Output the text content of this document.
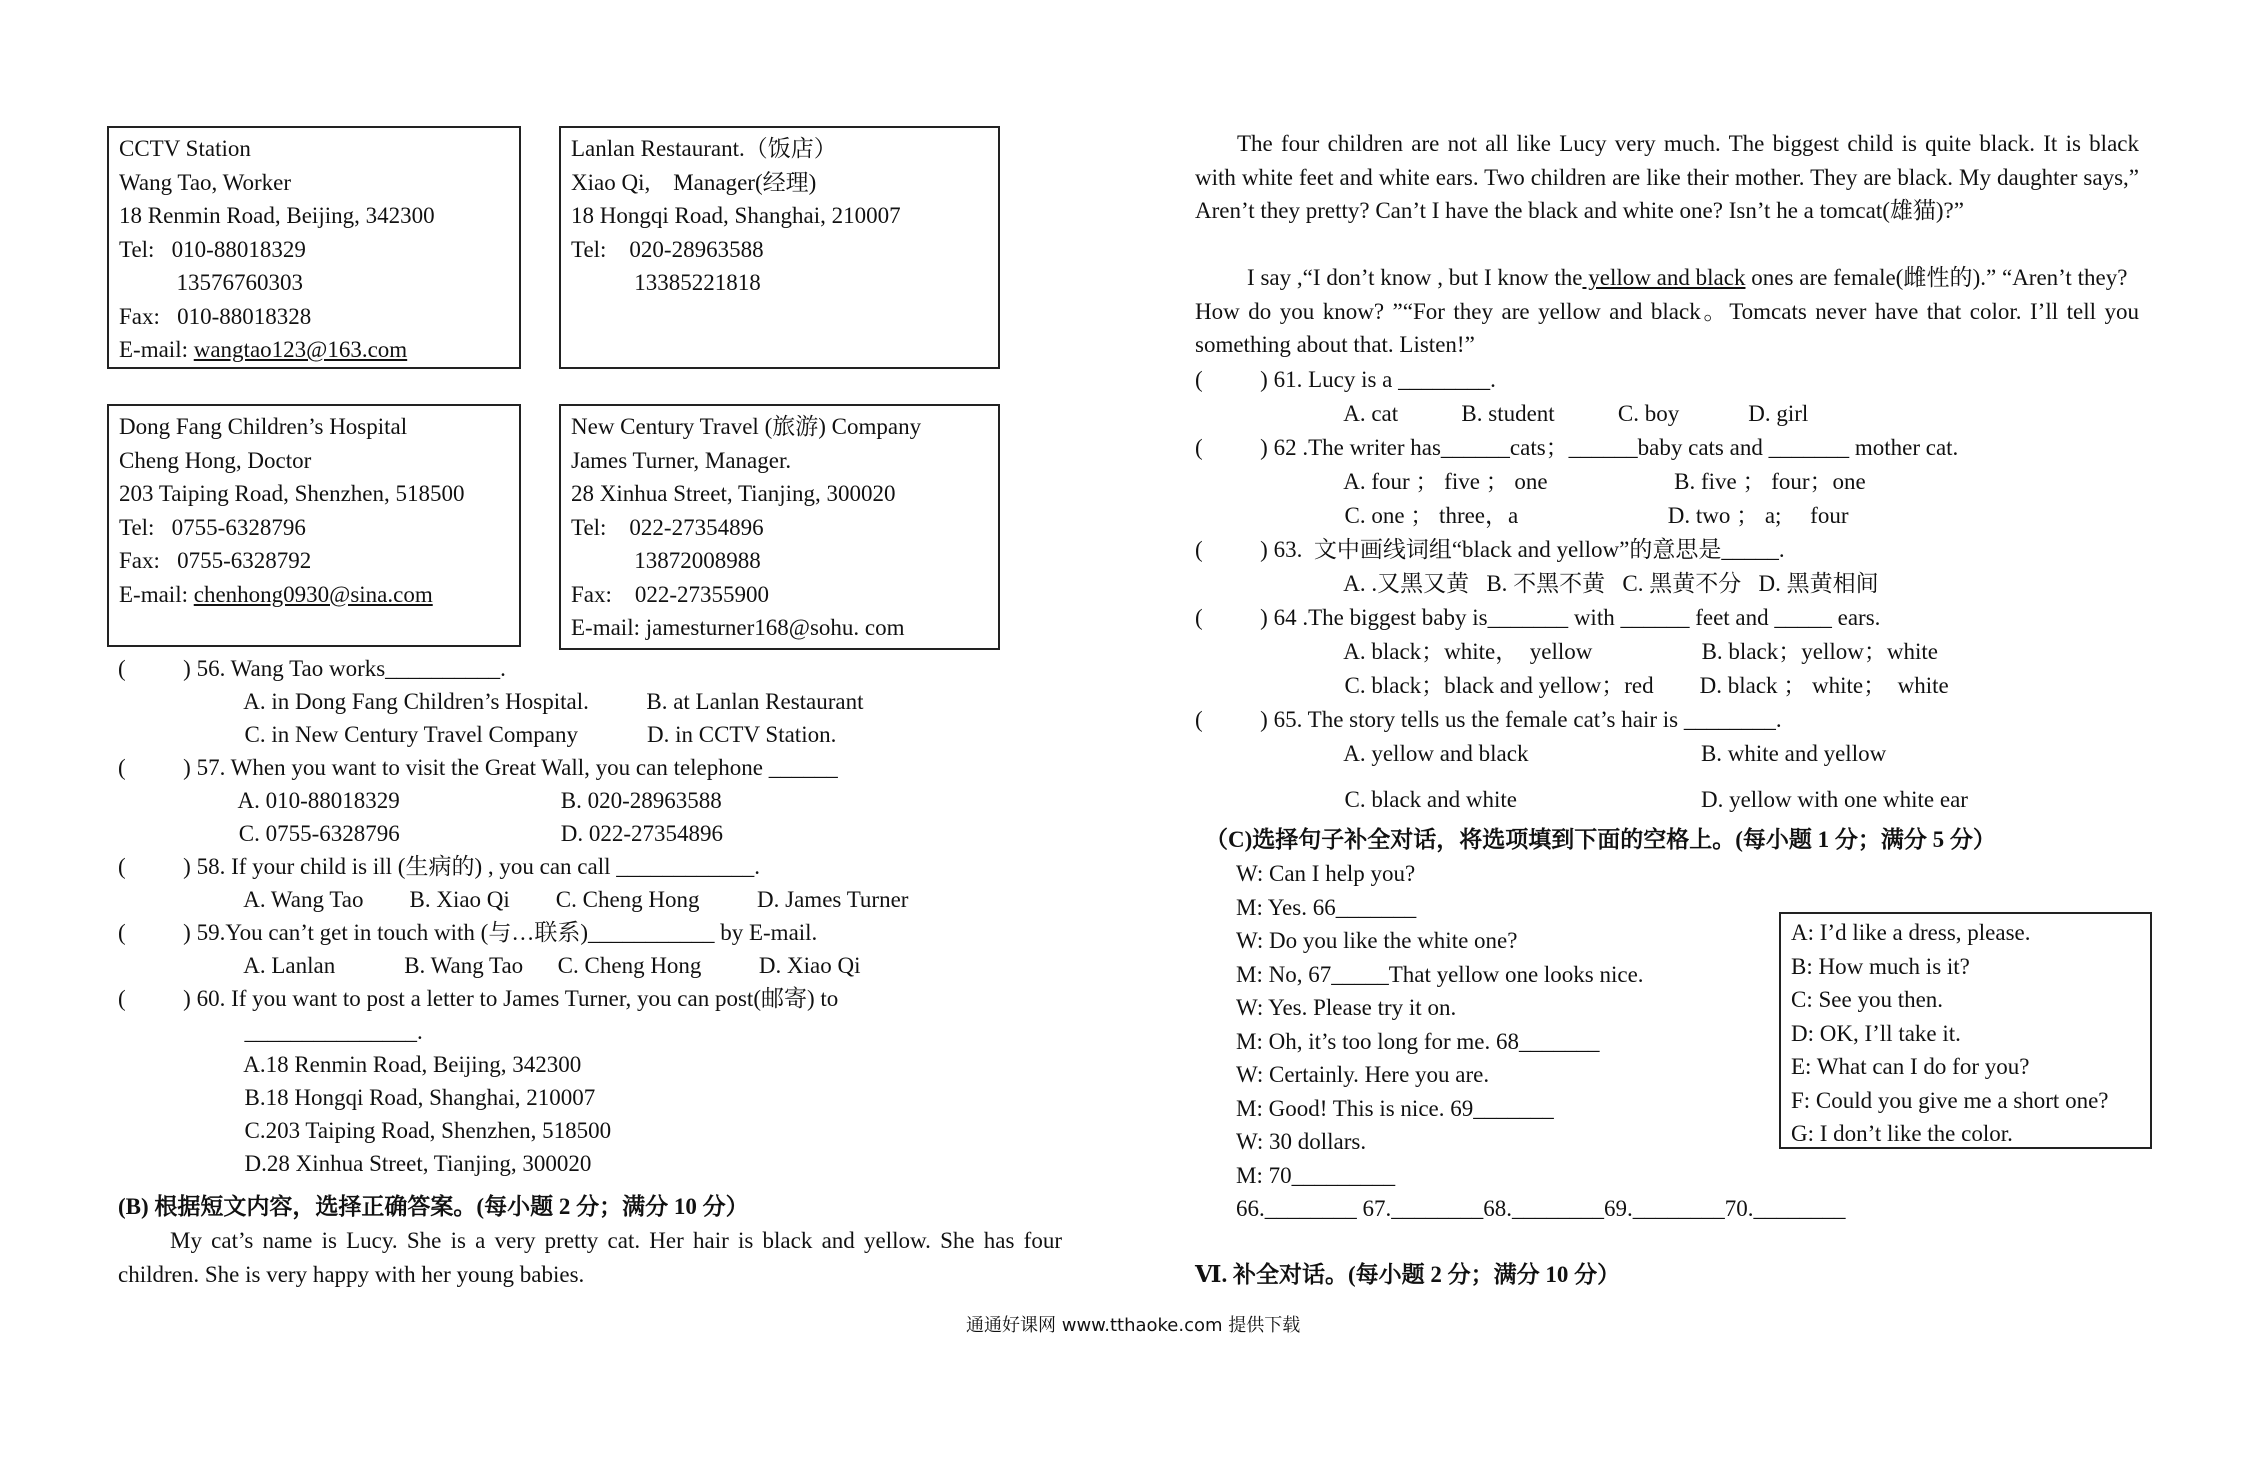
CCTV Station
Wang Tao, Worker
18 Renmin Road, Beijing, 342300
Tel:   010-88018329
13576760303
Fax:   010-88018328
E-mail: wangtao123@163.com
Lanlan Restaurant.（饭店）
Xiao Qi,    Manager(经理)
18 Hongqi Road, Shanghai, 210007
Tel:    020-28963588
13385221818
Dong Fang Children’s Hospital
Cheng Hong, Doctor
203 Taiping Road, Shenzhen, 518500
Tel:   0755-6328796
Fax:   0755-6328792
E-mail: chenhong0930@sina.com
New Century Travel (旅游) Company
James Turner, Manager.
28 Xinhua Street, Tianjing, 300020
Tel:    022-27354896
13872008988
Fax:    022-27355900
E-mail: jamesturner168@sohu. com
(          ) 56. Wang Tao works__________.
A. in Dong Fang Children’s Hospital.          B. at Lanlan Restaurant
C. in New Century Travel Company            D. in CCTV Station.
(          ) 57. When you want to visit the Great Wall, you can telephone ______
A. 010-88018329                            B. 020-28963588
C. 0755-6328796                            D. 022-27354896
(          ) 58. If your child is ill (生病的) , you can call ____________.
A. Wang Tao        B. Xiao Qi        C. Cheng Hong          D. James Turner
(          ) 59.You can’t get in touch with (与…联系)___________ by E-mail.
A. Lanlan            B. Wang Tao      C. Cheng Hong          D. Xiao Qi
(          ) 60. If you want to post a letter to James Turner, you can post(邮寄) to
_______________.
A.18 Renmin Road, Beijing, 342300
B.18 Hongqi Road, Shanghai, 210007
C.203 Taiping Road, Shenzhen, 518500
D.28 Xinhua Street, Tianjing, 300020
(B) 根据短文内容，选择正确答案。(每小题 2 分；满分 10 分）
My cat’s name is Lucy. She is a very pretty cat. Her hair is black and yellow. She has four children. She is very happy with her young babies.
The four children are not all like Lucy very much. The biggest child is quite black. It is black with white feet and white ears. Two children are like their mother. They are black. My daughter says,” Aren’t they pretty? Can’t I have the black and white one? Isn’t he a tomcat(雄猫)?”
I say ,“I don’t know , but I know the yellow and black ones are female(雌性的).” “Aren’t they?   How do you know? ”“For they are yellow and black。Tomcats never have that color. I’ll tell you something about that. Listen!”
(          ) 61. Lucy is a ________.
A. cat           B. student           C. boy            D. girl
(          ) 62 .The writer has______cats；______baby cats and _______ mother cat.
A. four ； five ； one                      B. five ； four；one
C. one ； three，a                          D. two ； a;     four
(          ) 63.  文中画线词组“black and yellow”的意思是_____.
A. .又黑又黄   B. 不黑不黄   C. 黑黄不分   D. 黑黄相间
(          ) 64 .The biggest baby is_______ with ______ feet and _____ ears.
A. black；white，  yellow                   B. black；yellow；white
C. black；black and yellow；red        D. black ； white；  white
(          ) 65. The story tells us the female cat’s hair is ________.
A. yellow and black                              B. white and yellow
C. black and white                                D. yellow with one white ear
（C)选择句子补全对话，将选项填到下面的空格上。(每小题 1 分；满分 5 分）
W: Can I help you?
M: Yes. 66_______
W: Do you like the white one?
M: No, 67_____That yellow one looks nice.
W: Yes. Please try it on.
M: Oh, it’s too long for me. 68_______
W: Certainly. Here you are.
M: Good! This is nice. 69_______
W: 30 dollars.
M: 70_________
66.________ 67.________68.________69.________70.________
A: I’d like a dress, please.
B: How much is it?
C: See you then.
D: OK, I’ll take it.
E: What can I do for you?
F: Could you give me a short one?
G: I don’t like the color.
Ⅵ. 补全对话。(每小题 2 分；满分 10 分）
通通好课网 www.tthaoke.com 提供下载
